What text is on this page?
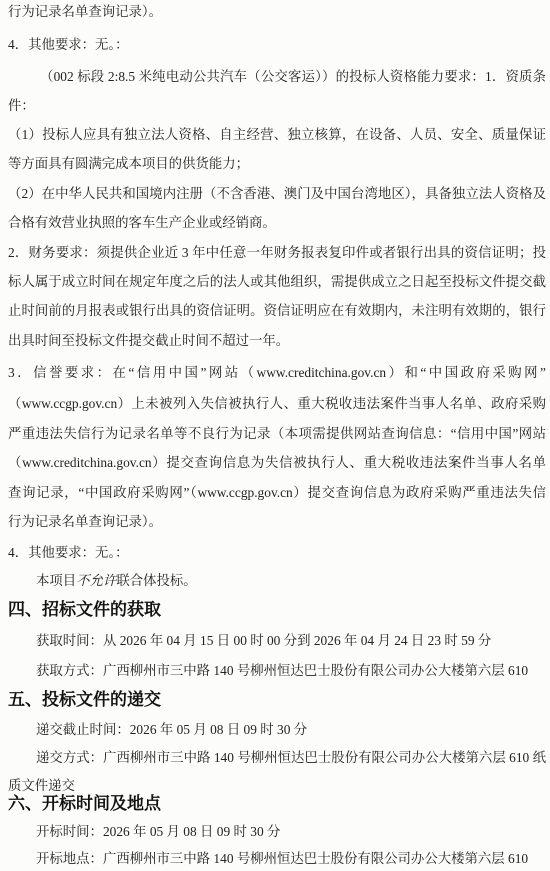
行为记录名单查询记录）。
4．其他要求：无。：
（002 标段 2:8.5 米纯电动公共汽车（公交客运））的投标人资格能力要求：1．资质条
件：
（1）投标人应具有独立法人资格、自主经营、独立核算，在设备、人员、安全、质量保证
等方面具有圆满完成本项目的供货能力；
（2）在中华人民共和国境内注册（不含香港、澳门及中国台湾地区），具备独立法人资格及
合格有效营业执照的客车生产企业或经销商。
2．财务要求：须提供企业近 3 年中任意一年财务报表复印件或者银行出具的资信证明；投
标人属于成立时间在规定年度之后的法人或其他组织，需提供成立之日起至投标文件提交截
止时间前的月报表或银行出具的资信证明。资信证明应在有效期内，未注明有效期的，银行
出具时间至投标文件提交截止时间不超过一年。
3．信誉要求：在“信用中国”网站（www.creditchina.gov.cn）和“中国政府采购网”
（www.ccgp.gov.cn）上未被列入失信被执行人、重大税收违法案件当事人名单、政府采购
严重违法失信行为记录名单等不良行为记录（本项需提供网站查询信息：“信用中国”网站
（www.creditchina.gov.cn）提交查询信息为失信被执行人、重大税收违法案件当事人名单
查询记录，“中国政府采购网”（www.ccgp.gov.cn）提交查询信息为政府采购严重违法失信
行为记录名单查询记录）。
4．其他要求：无。：
本项目不允许联合体投标。
四、招标文件的获取
获取时间：从 2026 年 04 月 15 日 00 时 00 分到 2026 年 04 月 24 日 23 时 59 分
获取方式：广西柳州市三中路 140 号柳州恒达巴士股份有限公司办公大楼第六层 610
五、投标文件的递交
递交截止时间：2026 年 05 月 08 日 09 时 30 分
递交方式：广西柳州市三中路 140 号柳州恒达巴士股份有限公司办公大楼第六层 610 纸
质文件递交
六、开标时间及地点
开标时间：2026 年 05 月 08 日 09 时 30 分
开标地点：广西柳州市三中路 140 号柳州恒达巴士股份有限公司办公大楼第六层 610
